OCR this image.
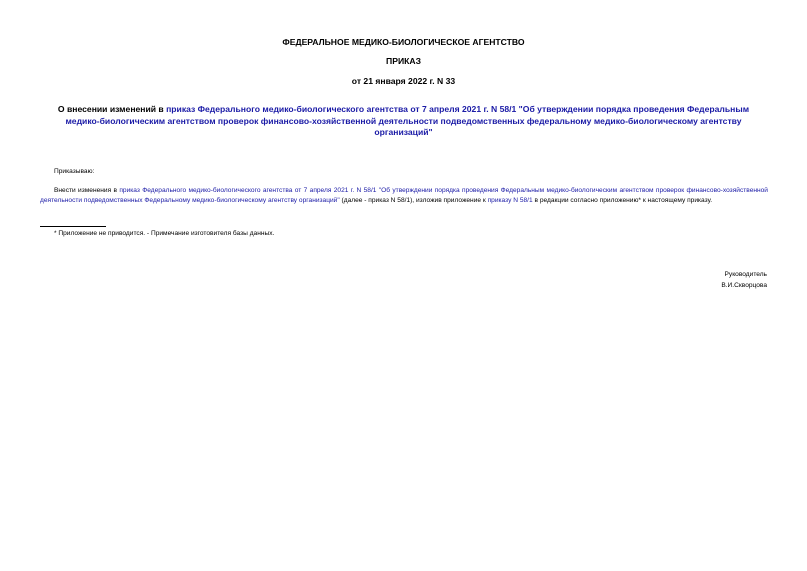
ФЕДЕРАЛЬНОЕ МЕДИКО-БИОЛОГИЧЕСКОЕ АГЕНТСТВО

ПРИКАЗ

от 21 января 2022 г. N 33

О внесении изменений в приказ Федерального медико-биологического агентства от 7 апреля 2021 г. N 58/1 "Об утверждении порядка проведения Федеральным медико-биологическим агентством проверок финансово-хозяйственной деятельности подведомственных федеральному медико-биологическому агентству организаций"

Приказываю:

Внести изменения в приказ Федерального медико-биологического агентства от 7 апреля 2021 г. N 58/1 "Об утверждении порядка проведения Федеральным медико-биологическим агентством проверок финансово-хозяйственной деятельности подведомственных Федеральному медико-биологическому агентству организаций" (далее - приказ N 58/1), изложив приложение к приказу N 58/1 в редакции согласно приложению* к настоящему приказу.

* Приложение не приводится. - Примечание изготовителя базы данных.

Руководитель
В.И.Скворцова
